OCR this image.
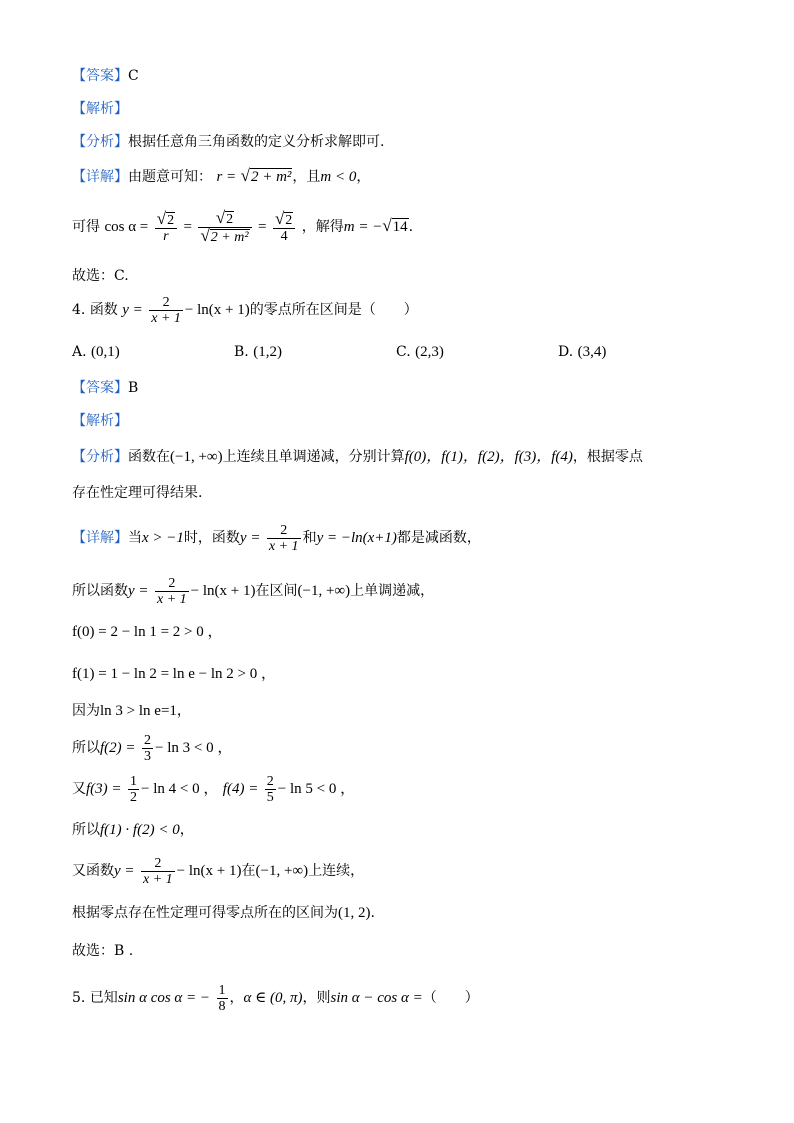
【答案】C
【解析】
【分析】根据任意角三角函数的定义分析求解即可.
【详解】由题意可知： r = √2 + m²，且m < 0，
可得 $\cos \alpha = \frac{√2}{r} = \frac{√2}{\text{√2 + m²}} = \frac{√2}{4}$ ，解得m = −√14.
故选：C.
4. 函数 $y = \frac{2}{x + 1} - \ln(x + 1)$的零点所在区间是（　　）
A. (0,1)	B. (1,2)	C. (2,3)	D. (3,4)
【答案】B
【解析】
【分析】函数在(−1, +∞)上连续且单调递减，分别计算f(0)，f(1)，f(2)，f(3)，f(4)，根据零点
存在性定理可得结果.
【详解】当x > −1时，函数$y = \frac{2}{x + 1}$ 和y = −ln(x+1)都是减函数，
所以函数$y = \frac{2}{x + 1} - \ln(x + 1)$在区间(−1, +∞)上单调递减，
f(0) = 2 − ln 1 = 2 > 0 ，
f(1) = 1 − ln 2 = ln e − ln 2 > 0 ，
因为ln 3 > ln e=1，
所以$f(2) = \frac{2}{3} - \ln 3 < 0$ ，
又$f(3) = \frac{1}{2} - \ln 4 < 0$ ， $f(4) = \frac{2}{5} - \ln 5 < 0$ ，
所以f(1) · f(2) < 0，
又函数$y = \frac{2}{x + 1} - \ln(x + 1)$在(−1, +∞)上连续，
根据零点存在性定理可得零点所在的区间为(1, 2).
故选：B .
5. 已知sin α cos α = − $\frac{1}{8}$ ，α ∈ (0, π)，则sin α − cos α =（　　）
